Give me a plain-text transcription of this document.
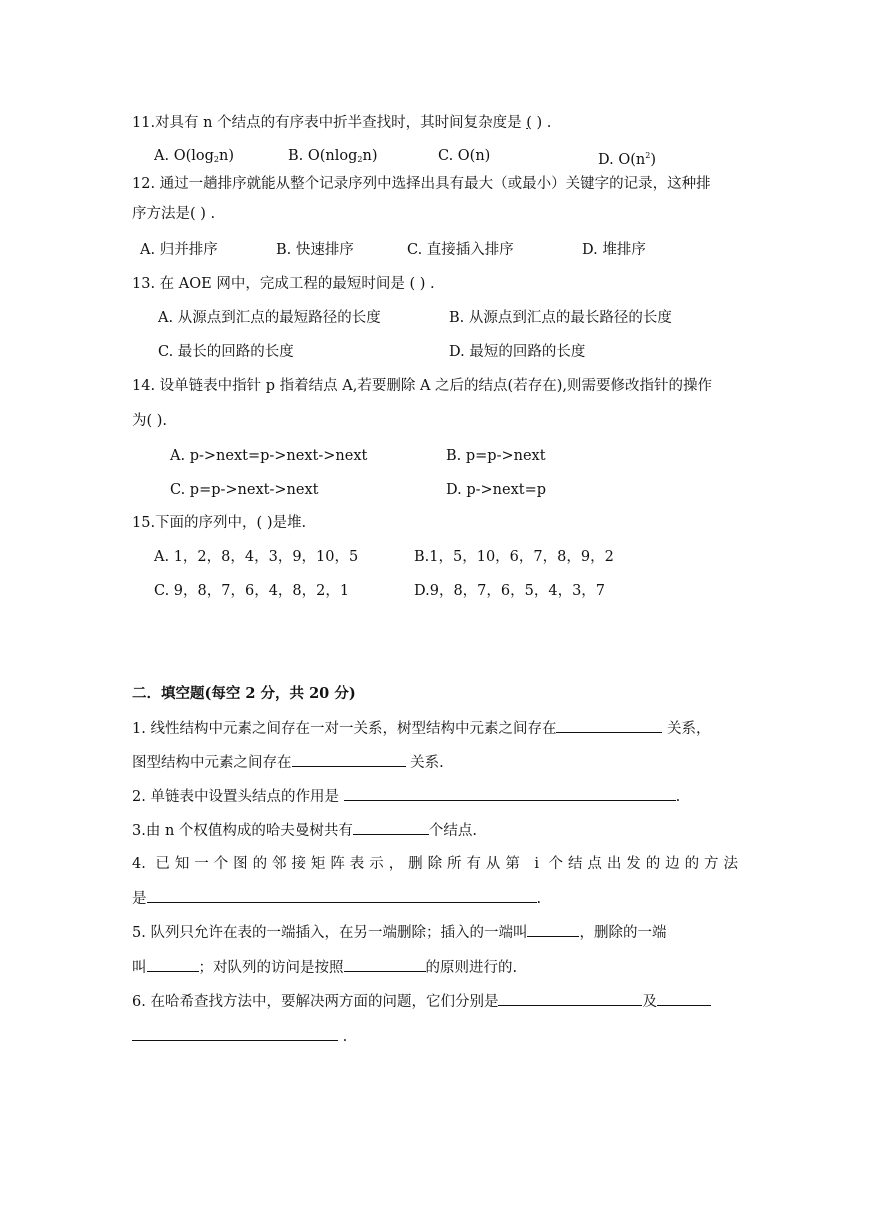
11.对具有 n 个结点的有序表中折半查找时，其时间复杂度是 ( ) .
A. $O(\log_2n)$	B. O(nlog$_2$n)	C. O(n)	D. $O(n^2)$
12. 通过一趟排序就能从整个记录序列中选择出具有最大（或最小）关键字的记录，这种排
序方法是( ) .
A. 归并排序	B. 快速排序	C. 直接插入排序	D. 堆排序
13. 在 AOE 网中，完成工程的最短时间是 ( ) .
A. 从源点到汇点的最短路径的长度	B. 从源点到汇点的最长路径的长度
C. 最长的回路的长度	D. 最短的回路的长度
14. 设单链表中指针 p 指着结点 A,若要删除 A 之后的结点(若存在),则需要修改指针的操作
为( ).
A. p->next=p->next->next	B. p=p->next
C. p=p->next->next	D. p->next=p
15.下面的序列中，( )是堆.
A. 1，2，8，4，3，9，10，5	B.1，5，10，6，7，8，9，2
C. 9，8，7，6，4，8，2，1	D.9，8，7，6，5，4，3，7
二．填空题(每空 2 分，共 20 分)
1. 线性结构中元素之间存在一对一关系，树型结构中元素之间存在	关系，
图型结构中元素之间存在	关系.
2. 单链表中设置头结点的作用是	.
3.由 n 个权值构成的哈夫曼树共有	个结点.
4. 已知一个图的邻接矩阵表示，删除所有从第 i 个结点出发的边的方法
是	.
5. 队列只允许在表的一端插入，在另一端删除；插入的一端叫	，删除的一端
叫	；对队列的访问是按照	的原则进行的.
6. 在哈希查找方法中，要解决两方面的问题，它们分别是	及
.
